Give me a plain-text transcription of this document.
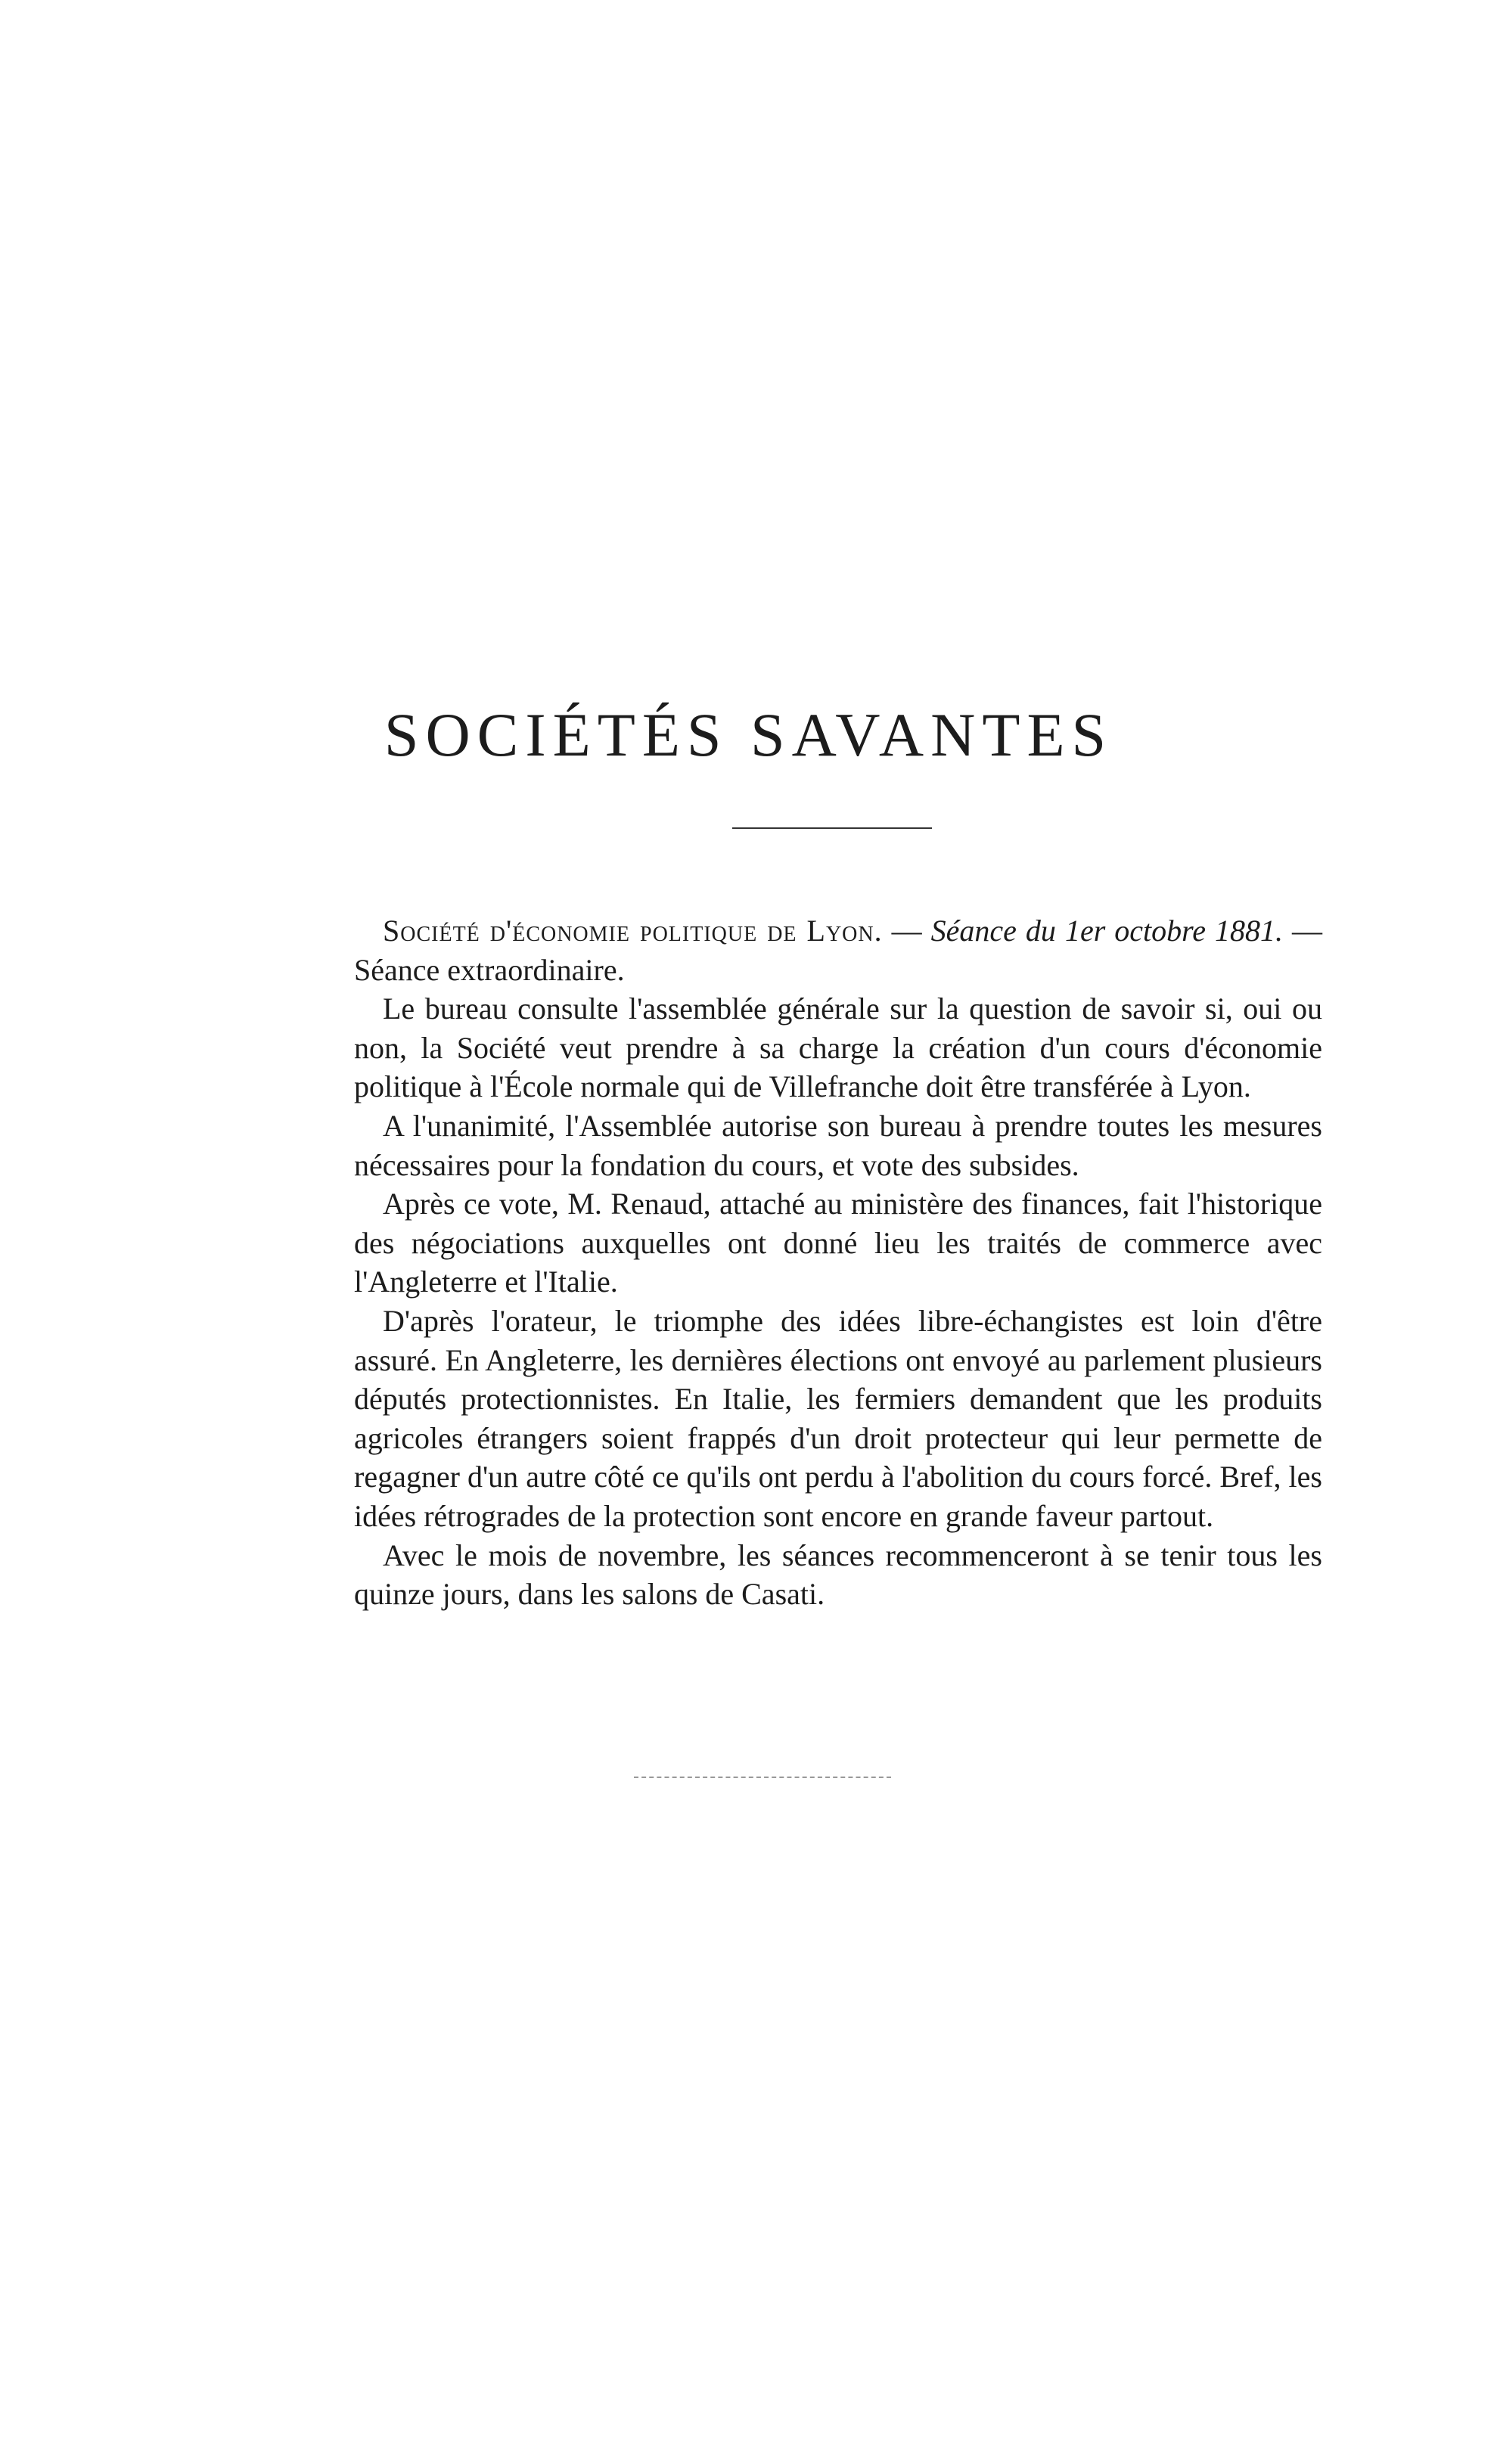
SOCIÉTÉS SAVANTES

Société d'économie politique de Lyon. — Séance du 1er octobre 1881. — Séance extraordinaire.

Le bureau consulte l'assemblée générale sur la question de savoir si, oui ou non, la Société veut prendre à sa charge la création d'un cours d'économie politique à l'École normale qui de Villefranche doit être transférée à Lyon.

A l'unanimité, l'Assemblée autorise son bureau à prendre toutes les mesures nécessaires pour la fondation du cours, et vote des subsides.

Après ce vote, M. Renaud, attaché au ministère des finances, fait l'historique des négociations auxquelles ont donné lieu les traités de commerce avec l'Angleterre et l'Italie.

D'après l'orateur, le triomphe des idées libre-échangistes est loin d'être assuré. En Angleterre, les dernières élections ont envoyé au parlement plusieurs députés protectionnistes. En Italie, les fermiers demandent que les produits agricoles étrangers soient frappés d'un droit protecteur qui leur permette de regagner d'un autre côté ce qu'ils ont perdu à l'abolition du cours forcé. Bref, les idées rétrogrades de la protection sont encore en grande faveur partout.

Avec le mois de novembre, les séances recommenceront à se tenir tous les quinze jours, dans les salons de Casati.
